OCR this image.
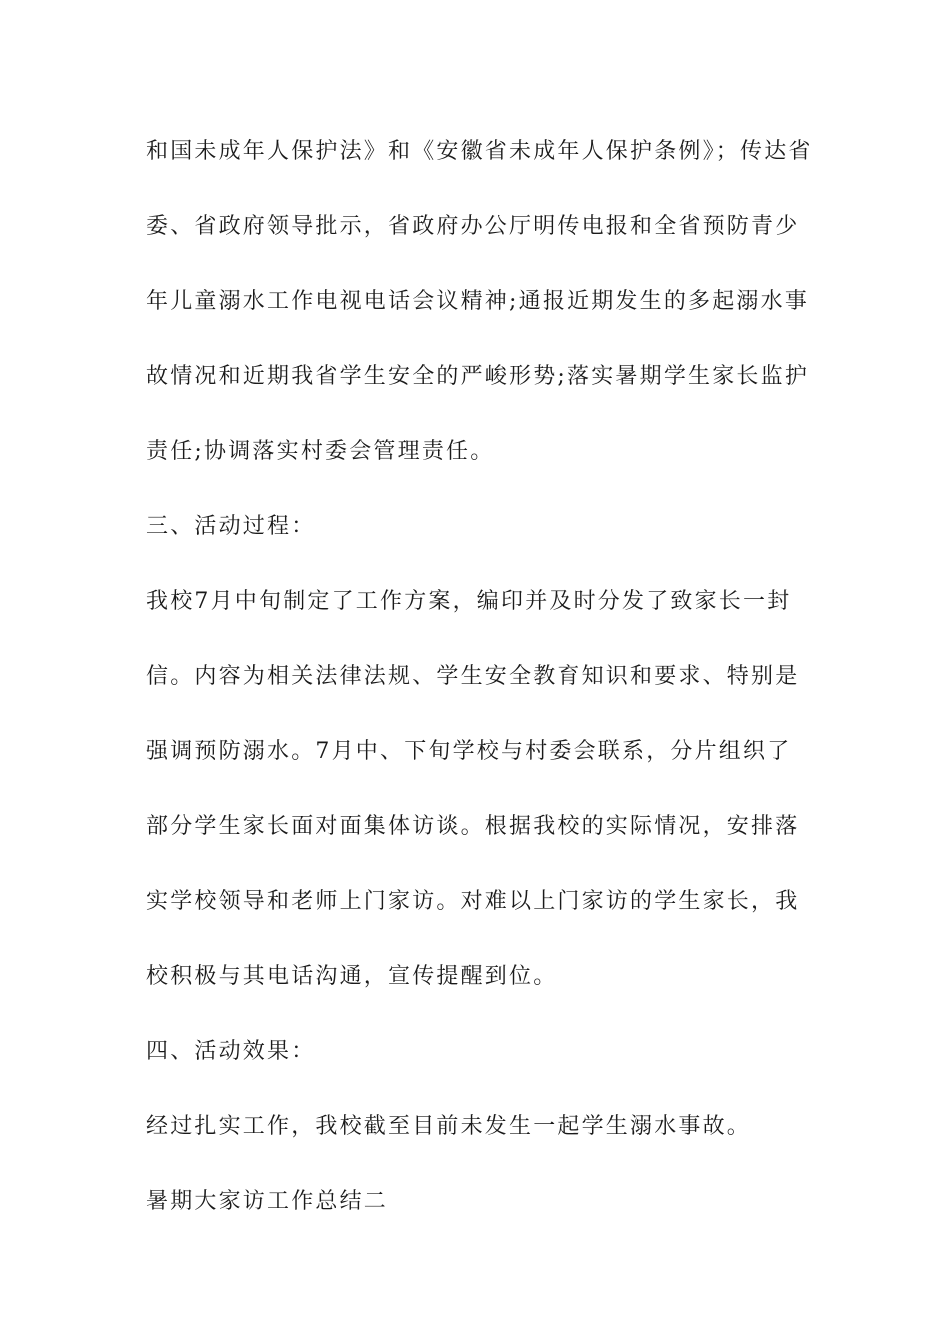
和国未成年人保护法》和《安徽省未成年人保护条例》；传达省
委、省政府领导批示，省政府办公厅明传电报和全省预防青少
年儿童溺水工作电视电话会议精神;通报近期发生的多起溺水事
故情况和近期我省学生安全的严峻形势;落实暑期学生家长监护
责任;协调落实村委会管理责任。
三、活动过程：
我校7月中旬制定了工作方案，编印并及时分发了致家长一封
信。内容为相关法律法规、学生安全教育知识和要求、特别是
强调预防溺水。7月中、下旬学校与村委会联系，分片组织了
部分学生家长面对面集体访谈。根据我校的实际情况，安排落
实学校领导和老师上门家访。对难以上门家访的学生家长，我
校积极与其电话沟通，宣传提醒到位。
四、活动效果：
经过扎实工作，我校截至目前未发生一起学生溺水事故。
暑期大家访工作总结二
